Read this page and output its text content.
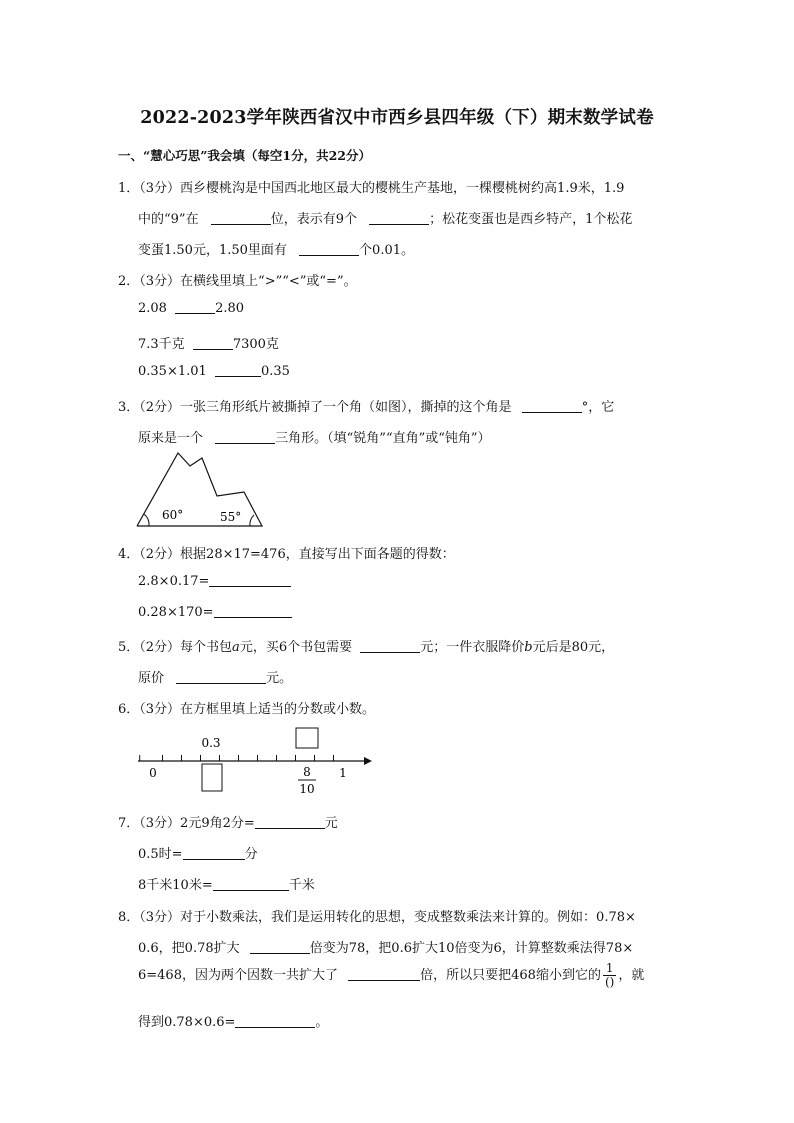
2022-2023学年陕西省汉中市西乡县四年级（下）期末数学试卷
一、“慧心巧思”我会填（每空1分，共22分）
1．（3分）西乡樱桃沟是中国西北地区最大的樱桃生产基地，一棵樱桃树约高1.9米，1.9
中的“9”在	位，表示有9个	；松花变蛋也是西乡特产，1个松花
变蛋1.50元，1.50里面有	个0.01。
2．（3分）在横线里填上“>”“<”或“=”。
2.08	2.80
7.3千克	7300克
0.35×1.01	0.35
3．（2分）一张三角形纸片被撕掉了一个角（如图），撕掉的这个角是	°，它
原来是一个	三角形。（填“锐角”“直角”或“钝角”）
60°	55°
4．（2分）根据28×17=476，直接写出下面各题的得数：
2.8×0.17=
0.28×170=
5．（2分）每个书包a元，买6个书包需要	元；一件衣服降价b元后是80元，
原价	元。
6．（3分）在方框里填上适当的分数或小数。
0
0.3
1
8
10
7．（3分）2元9角2分=	元
0.5时=	分
8千米10米=	千米
8．（3分）对于小数乘法，我们是运用转化的思想，变成整数乘法来计算的。例如：0.78×
0.6，把0.78扩大	倍变为78，把0.6扩大10倍变为6，计算整数乘法得78×
6=468，因为两个因数一共扩大了	倍，所以只要把468缩小到它的 $\frac{1}{()}$ ，就
得到0.78×0.6=	。
